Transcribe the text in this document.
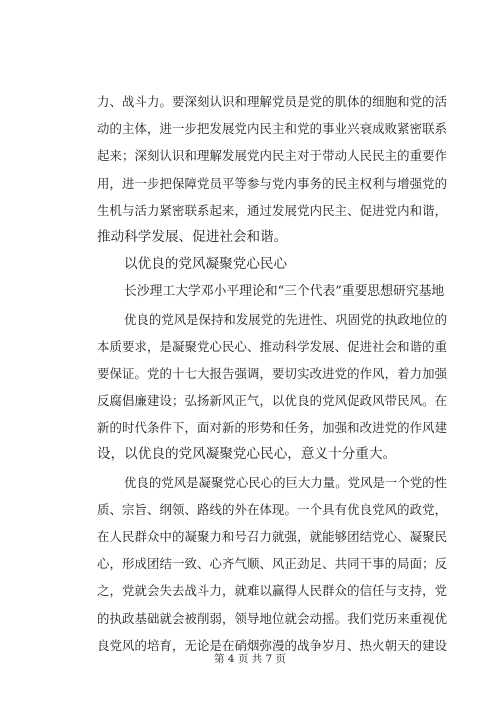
力、战斗力。要深刻认识和理解党员是党的肌体的细胞和党的活
动的主体，进一步把发展党内民主和党的事业兴衰成败紧密联系
起来；深刻认识和理解发展党内民主对于带动人民民主的重要作
用，进一步把保障党员平等参与党内事务的民主权利与增强党的
生机与活力紧密联系起来，通过发展党内民主、促进党内和谐，
推动科学发展、促进社会和谐。
以优良的党风凝聚党心民心
长沙理工大学邓小平理论和“三个代表”重要思想研究基地
优良的党风是保持和发展党的先进性、巩固党的执政地位的
本质要求，是凝聚党心民心、推动科学发展、促进社会和谐的重
要保证。党的十七大报告强调，要切实改进党的作风，着力加强
反腐倡廉建设；弘扬新风正气，以优良的党风促政风带民风。在
新的时代条件下，面对新的形势和任务，加强和改进党的作风建
设，以优良的党风凝聚党心民心，意义十分重大。
优良的党风是凝聚党心民心的巨大力量。党风是一个党的性
质、宗旨、纲领、路线的外在体现。一个具有优良党风的政党，
在人民群众中的凝聚力和号召力就强，就能够团结党心、凝聚民
心，形成团结一致、心齐气顺、风正劲足、共同干事的局面；反
之，党就会失去战斗力，就难以赢得人民群众的信任与支持，党
的执政基础就会被削弱，领导地位就会动摇。我们党历来重视优
良党风的培育，无论是在硝烟弥漫的战争岁月、热火朝天的建设
第 4 页 共 7 页
